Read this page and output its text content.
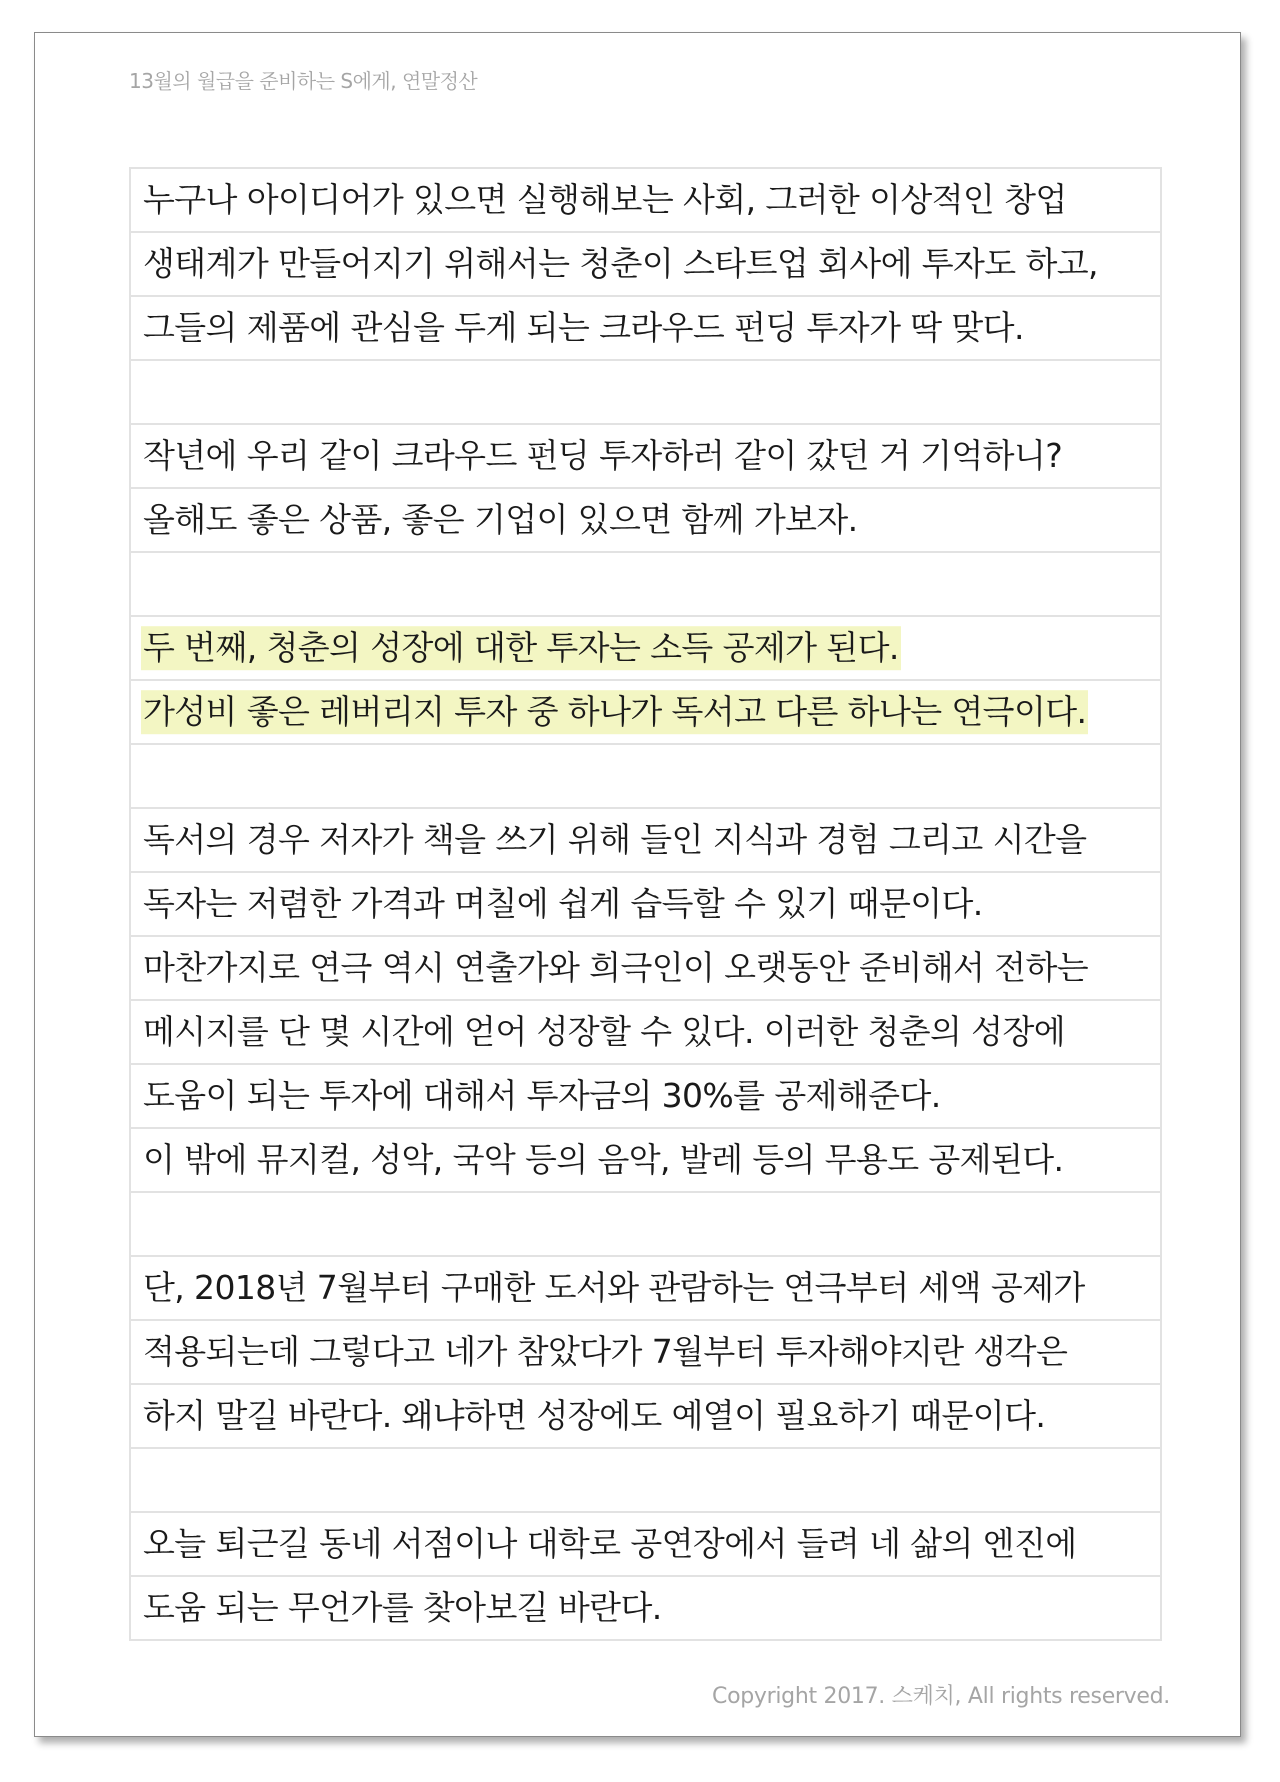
13월의 월급을 준비하는 S에게, 연말정산
누구나 아이디어가 있으면 실행해보는 사회, 그러한 이상적인 창업
생태계가 만들어지기 위해서는 청춘이 스타트업 회사에 투자도 하고,
그들의 제품에 관심을 두게 되는 크라우드 펀딩 투자가 딱 맞다.
작년에 우리 같이 크라우드 펀딩 투자하러 같이 갔던 거 기억하니?
올해도 좋은 상품, 좋은 기업이 있으면 함께 가보자.
두 번째, 청춘의 성장에 대한 투자는 소득 공제가 된다.
가성비 좋은 레버리지 투자 중 하나가 독서고 다른 하나는 연극이다.
독서의 경우 저자가 책을 쓰기 위해 들인 지식과 경험 그리고 시간을
독자는 저렴한 가격과 며칠에 쉽게 습득할 수 있기 때문이다.
마찬가지로 연극 역시 연출가와 희극인이 오랫동안 준비해서 전하는
메시지를 단 몇 시간에 얻어 성장할 수 있다. 이러한 청춘의 성장에
도움이 되는 투자에 대해서 투자금의 30%를 공제해준다.
이 밖에 뮤지컬, 성악, 국악 등의 음악, 발레 등의 무용도 공제된다.
단, 2018년 7월부터 구매한 도서와 관람하는 연극부터 세액 공제가
적용되는데 그렇다고 네가 참았다가 7월부터 투자해야지란 생각은
하지 말길 바란다. 왜냐하면 성장에도 예열이 필요하기 때문이다.
오늘 퇴근길 동네 서점이나 대학로 공연장에서 들려 네 삶의 엔진에
도움 되는 무언가를 찾아보길 바란다.
Copyright 2017. 스케치, All rights reserved.
